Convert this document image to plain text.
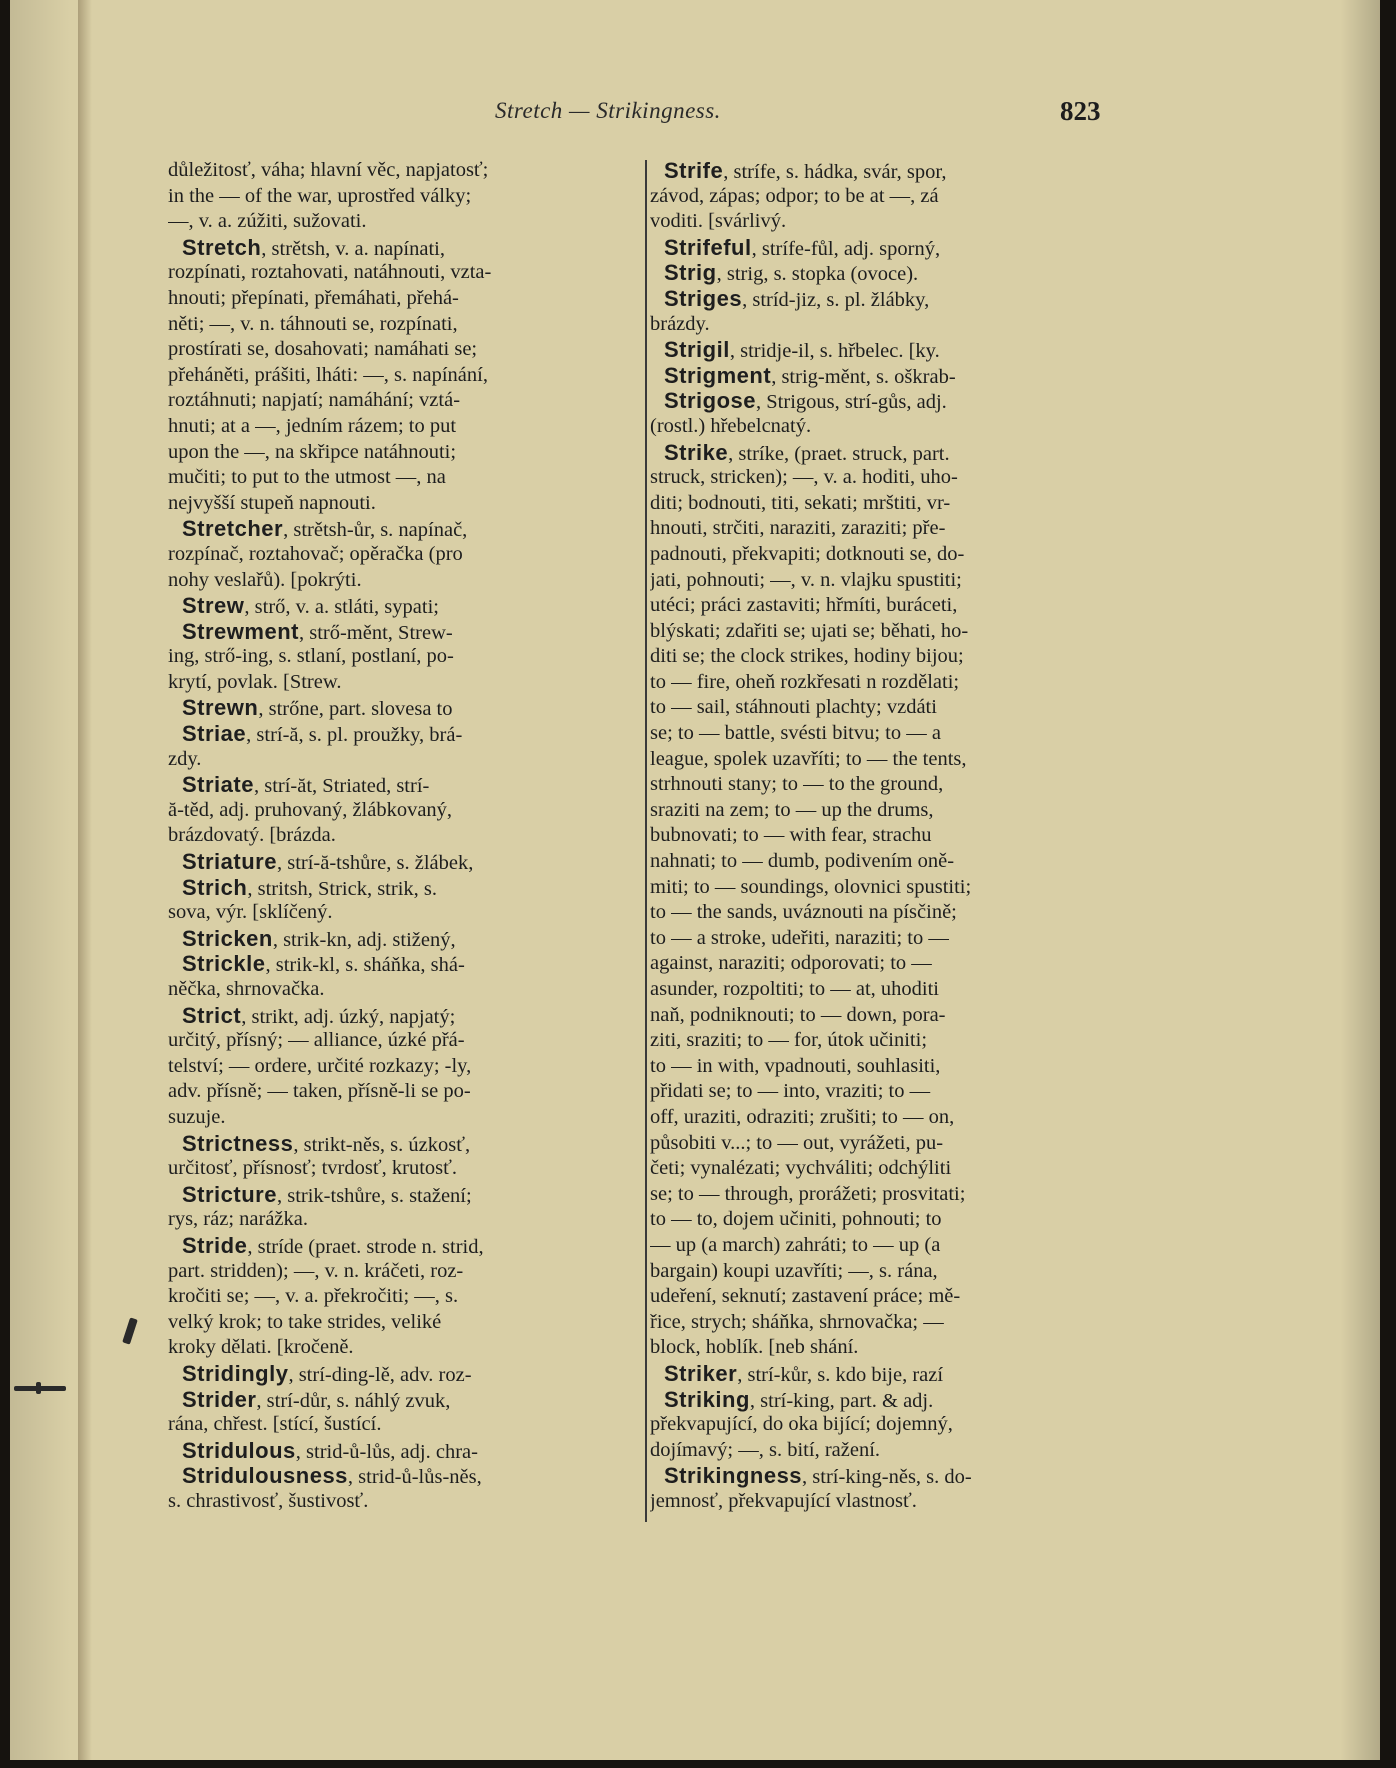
Stretch — Strikingness.	823
důležitosť, váha; hlavní věc, napjatosť;
in the — of the war, uprostřed války;
—, v. a. zúžiti, sužovati.
Stretch, strětsh, v. a. napínati,
rozpínati, roztahovati, natáhnouti, vzta-
hnouti; přepínati, přemáhati, přehá-
něti; —, v. n. táhnouti se, rozpínati,
prostírati se, dosahovati; namáhati se;
přeháněti, prášiti, lháti: —, s. napínání,
roztáhnuti; napjatí; namáhání; vztá-
hnuti; at a —, jedním rázem; to put
upon the —, na skřipce natáhnouti;
mučiti; to put to the utmost —, na
nejvyšší stupeň napnouti.
Stretcher, strětsh-ůr, s. napínač,
rozpínač, roztahovač; opěračka (pro
nohy veslařů). [pokrýti.
Strew, strő, v. a. stláti, sypati;
Strewment, strő-měnt, Strew-
ing, strő-ing, s. stlaní, postlaní, po-
krytí, povlak. [Strew.
Strewn, strőne, part. slovesa to
Striae, strí-ă, s. pl. proužky, brá-
zdy.
Striate, strí-ăt, Striated, strí-
ă-těd, adj. pruhovaný, žlábkovaný,
brázdovatý. [brázda.
Striature, strí-ă-tshůre, s. žlábek,
Strich, stritsh, Strick, strik, s.
sova, výr. [sklíčený.
Stricken, strik-kn, adj. stižený,
Strickle, strik-kl, s. sháňka, shá-
něčka, shrnovačka.
Strict, strikt, adj. úzký, napjatý;
určitý, přísný; — alliance, úzké přá-
telství; — ordere, určité rozkazy; -ly,
adv. přísně; — taken, přísně-li se po-
suzuje.
Strictness, strikt-něs, s. úzkosť,
určitosť, přísnosť; tvrdosť, krutosť.
Stricture, strik-tshůre, s. stažení;
rys, ráz; narážka.
Stride, stríde (praet. strode n. strid,
part. stridden); —, v. n. kráčeti, roz-
kročiti se; —, v. a. překročiti; —, s.
velký krok; to take strides, veliké
kroky dělati. [kročeně.
Stridingly, strí-ding-lě, adv. roz-
Strider, strí-důr, s. náhlý zvuk,
rána, chřest. [stící, šustící.
Stridulous, strid-ů-lůs, adj. chra-
Stridulousness, strid-ů-lůs-něs,
s. chrastivosť, šustivosť.
Strife, strífe, s. hádka, svár, spor,
závod, zápas; odpor; to be at —, zá
voditi. [svárlivý.
Strifeful, strífe-fůl, adj. sporný,
Strig, strig, s. stopka (ovoce).
Striges, stríd-jiz, s. pl. žlábky,
brázdy.
Strigil, stridje-il, s. hřbelec. [ky.
Strigment, strig-měnt, s. oškrab-
Strigose, Strigous, strí-gůs, adj.
(rostl.) hřebelcnatý.
Strike, stríke, (praet. struck, part.
struck, stricken); —, v. a. hoditi, uho-
diti; bodnouti, titi, sekati; mrštiti, vr-
hnouti, strčiti, naraziti, zaraziti; pře-
padnouti, překvapiti; dotknouti se, do-
jati, pohnouti; —, v. n. vlajku spustiti;
utéci; práci zastaviti; hřmíti, buráceti,
blýskati; zdařiti se; ujati se; běhati, ho-
diti se; the clock strikes, hodiny bijou;
to — fire, oheň rozkřesati n rozdělati;
to — sail, stáhnouti plachty; vzdáti
se; to — battle, svésti bitvu; to — a
league, spolek uzavříti; to — the tents,
strhnouti stany; to — to the ground,
sraziti na zem; to — up the drums,
bubnovati; to — with fear, strachu
nahnati; to — dumb, podivením oně-
miti; to — soundings, olovnici spustiti;
to — the sands, uváznouti na písčině;
to — a stroke, udeřiti, naraziti; to —
against, naraziti; odporovati; to —
asunder, rozpoltiti; to — at, uhoditi
naň, podniknouti; to — down, pora-
ziti, sraziti; to — for, útok učiniti;
to — in with, vpadnouti, souhlasiti,
přidati se; to — into, vraziti; to —
off, uraziti, odraziti; zrušiti; to — on,
působiti v...; to — out, vyrážeti, pu-
četi; vynalézati; vychváliti; odchýliti
se; to — through, prorážeti; prosvitati;
to — to, dojem učiniti, pohnouti; to
— up (a march) zahráti; to — up (a
bargain) koupi uzavříti; —, s. rána,
udeření, seknutí; zastavení práce; mě-
řice, strych; sháňka, shrnovačka; —
block, hoblík. [neb shání.
Striker, strí-kůr, s. kdo bije, razí
Striking, strí-king, part. & adj.
překvapující, do oka bijící; dojemný,
dojímavý; —, s. bití, ražení.
Strikingness, strí-king-něs, s. do-
jemnosť, překvapující vlastnosť.
